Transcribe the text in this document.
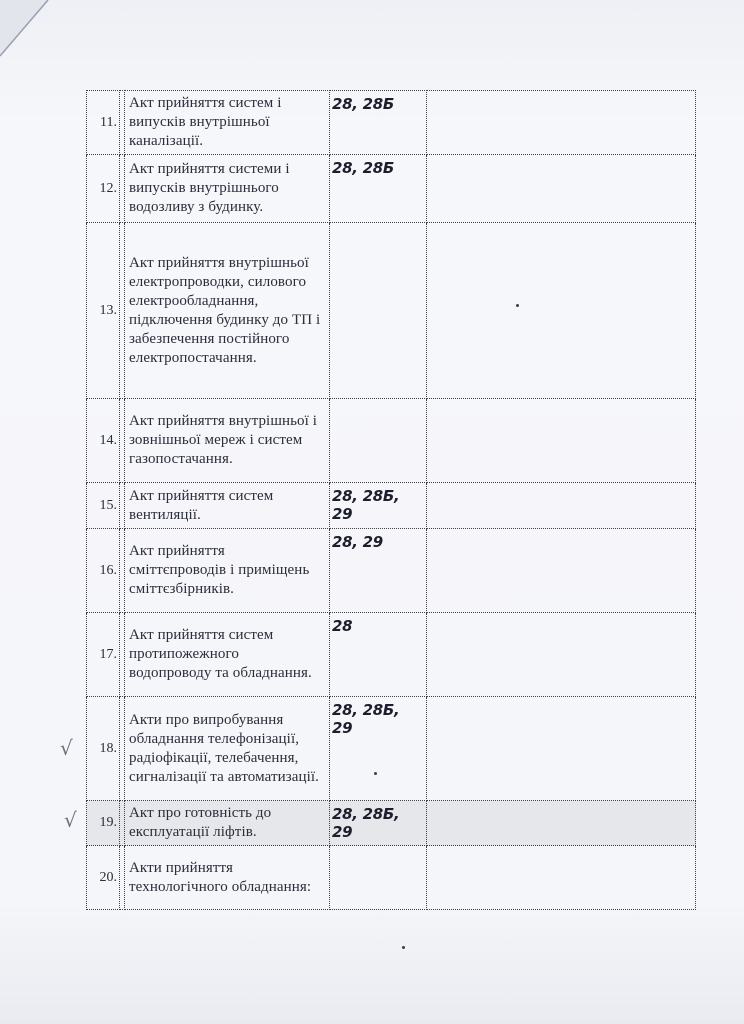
11.		Акт прийняття систем і випусків внутрішньої каналізації.	28, 28Б	
12.		Акт прийняття системи і випусків внутрішнього водозливу з будинку.	28, 28Б	
13.		Акт прийняття внутрішньої електропроводки, силового електрообладнання, підключення будинку до ТП і забезпечення постійного електропостачання.		
14.		Акт прийняття внутрішньої і зовнішньої мереж і систем газопостачання.		
15.		Акт прийняття систем вентиляції.	28, 28Б, 29	
16.		Акт прийняття сміттєпроводів і приміщень сміттєзбірників.	28, 29	
17.		Акт прийняття систем протипожежного водопроводу та обладнання.	28	
18.		Акти про випробування обладнання телефонізації, радіофікації, телебачення, сигналізації та автоматизації.	28, 28Б, 29	
19.		Акт про готовність до експлуатації ліфтів.	28, 28Б, 29	
20.		Акти прийняття технологічного обладнання:		
√
√
